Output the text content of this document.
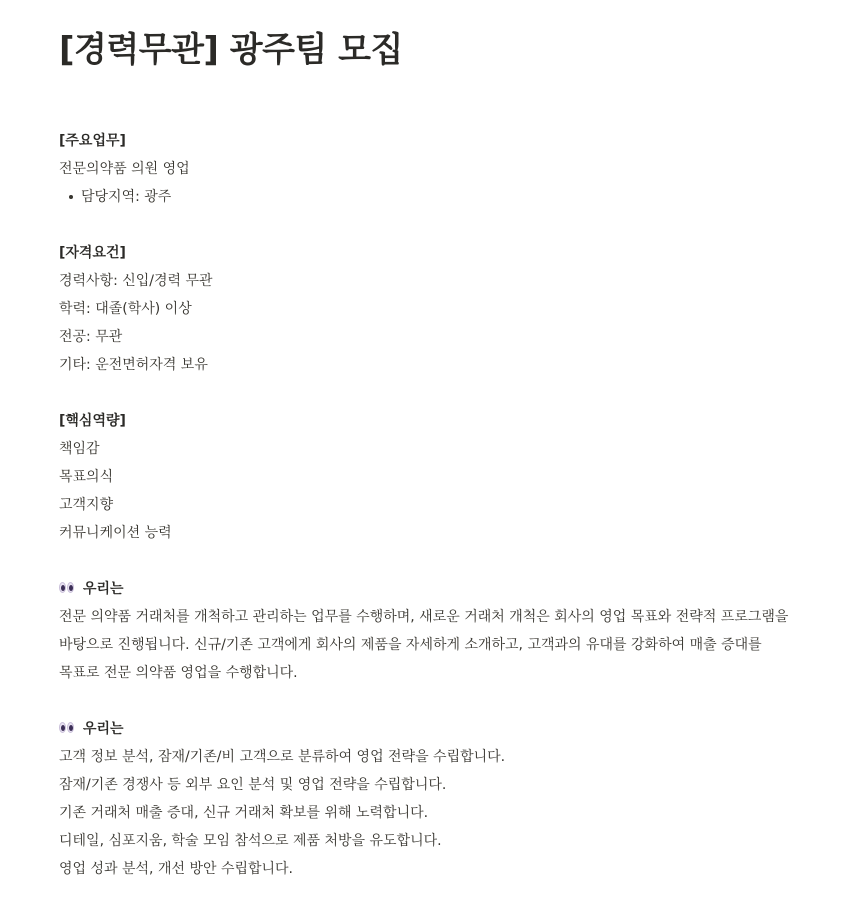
[경력무관] 광주팀 모집
[주요업무]
전문의약품 의원 영업
담당지역: 광주
[자격요건]
경력사항: 신입/경력 무관
학력: 대졸(학사) 이상
전공: 무관
기타: 운전면허자격 보유
[핵심역량]
책임감
목표의식
고객지향
커뮤니케이션 능력
우리는
전문 의약품 거래처를 개척하고 관리하는 업무를 수행하며, 새로운 거래처 개척은 회사의 영업 목표와 전략적 프로그램을 바탕으로 진행됩니다. 신규/기존 고객에게 회사의 제품을 자세하게 소개하고, 고객과의 유대를 강화하여 매출 증대를 목표로 전문 의약품 영업을 수행합니다.
우리는
고객 정보 분석, 잠재/기존/비 고객으로 분류하여 영업 전략을 수립합니다.
잠재/기존 경쟁사 등 외부 요인 분석 및 영업 전략을 수립합니다.
기존 거래처 매출 증대, 신규 거래처 확보를 위해 노력합니다.
디테일, 심포지움, 학술 모임 참석으로 제품 처방을 유도합니다.
영업 성과 분석, 개선 방안 수립합니다.
